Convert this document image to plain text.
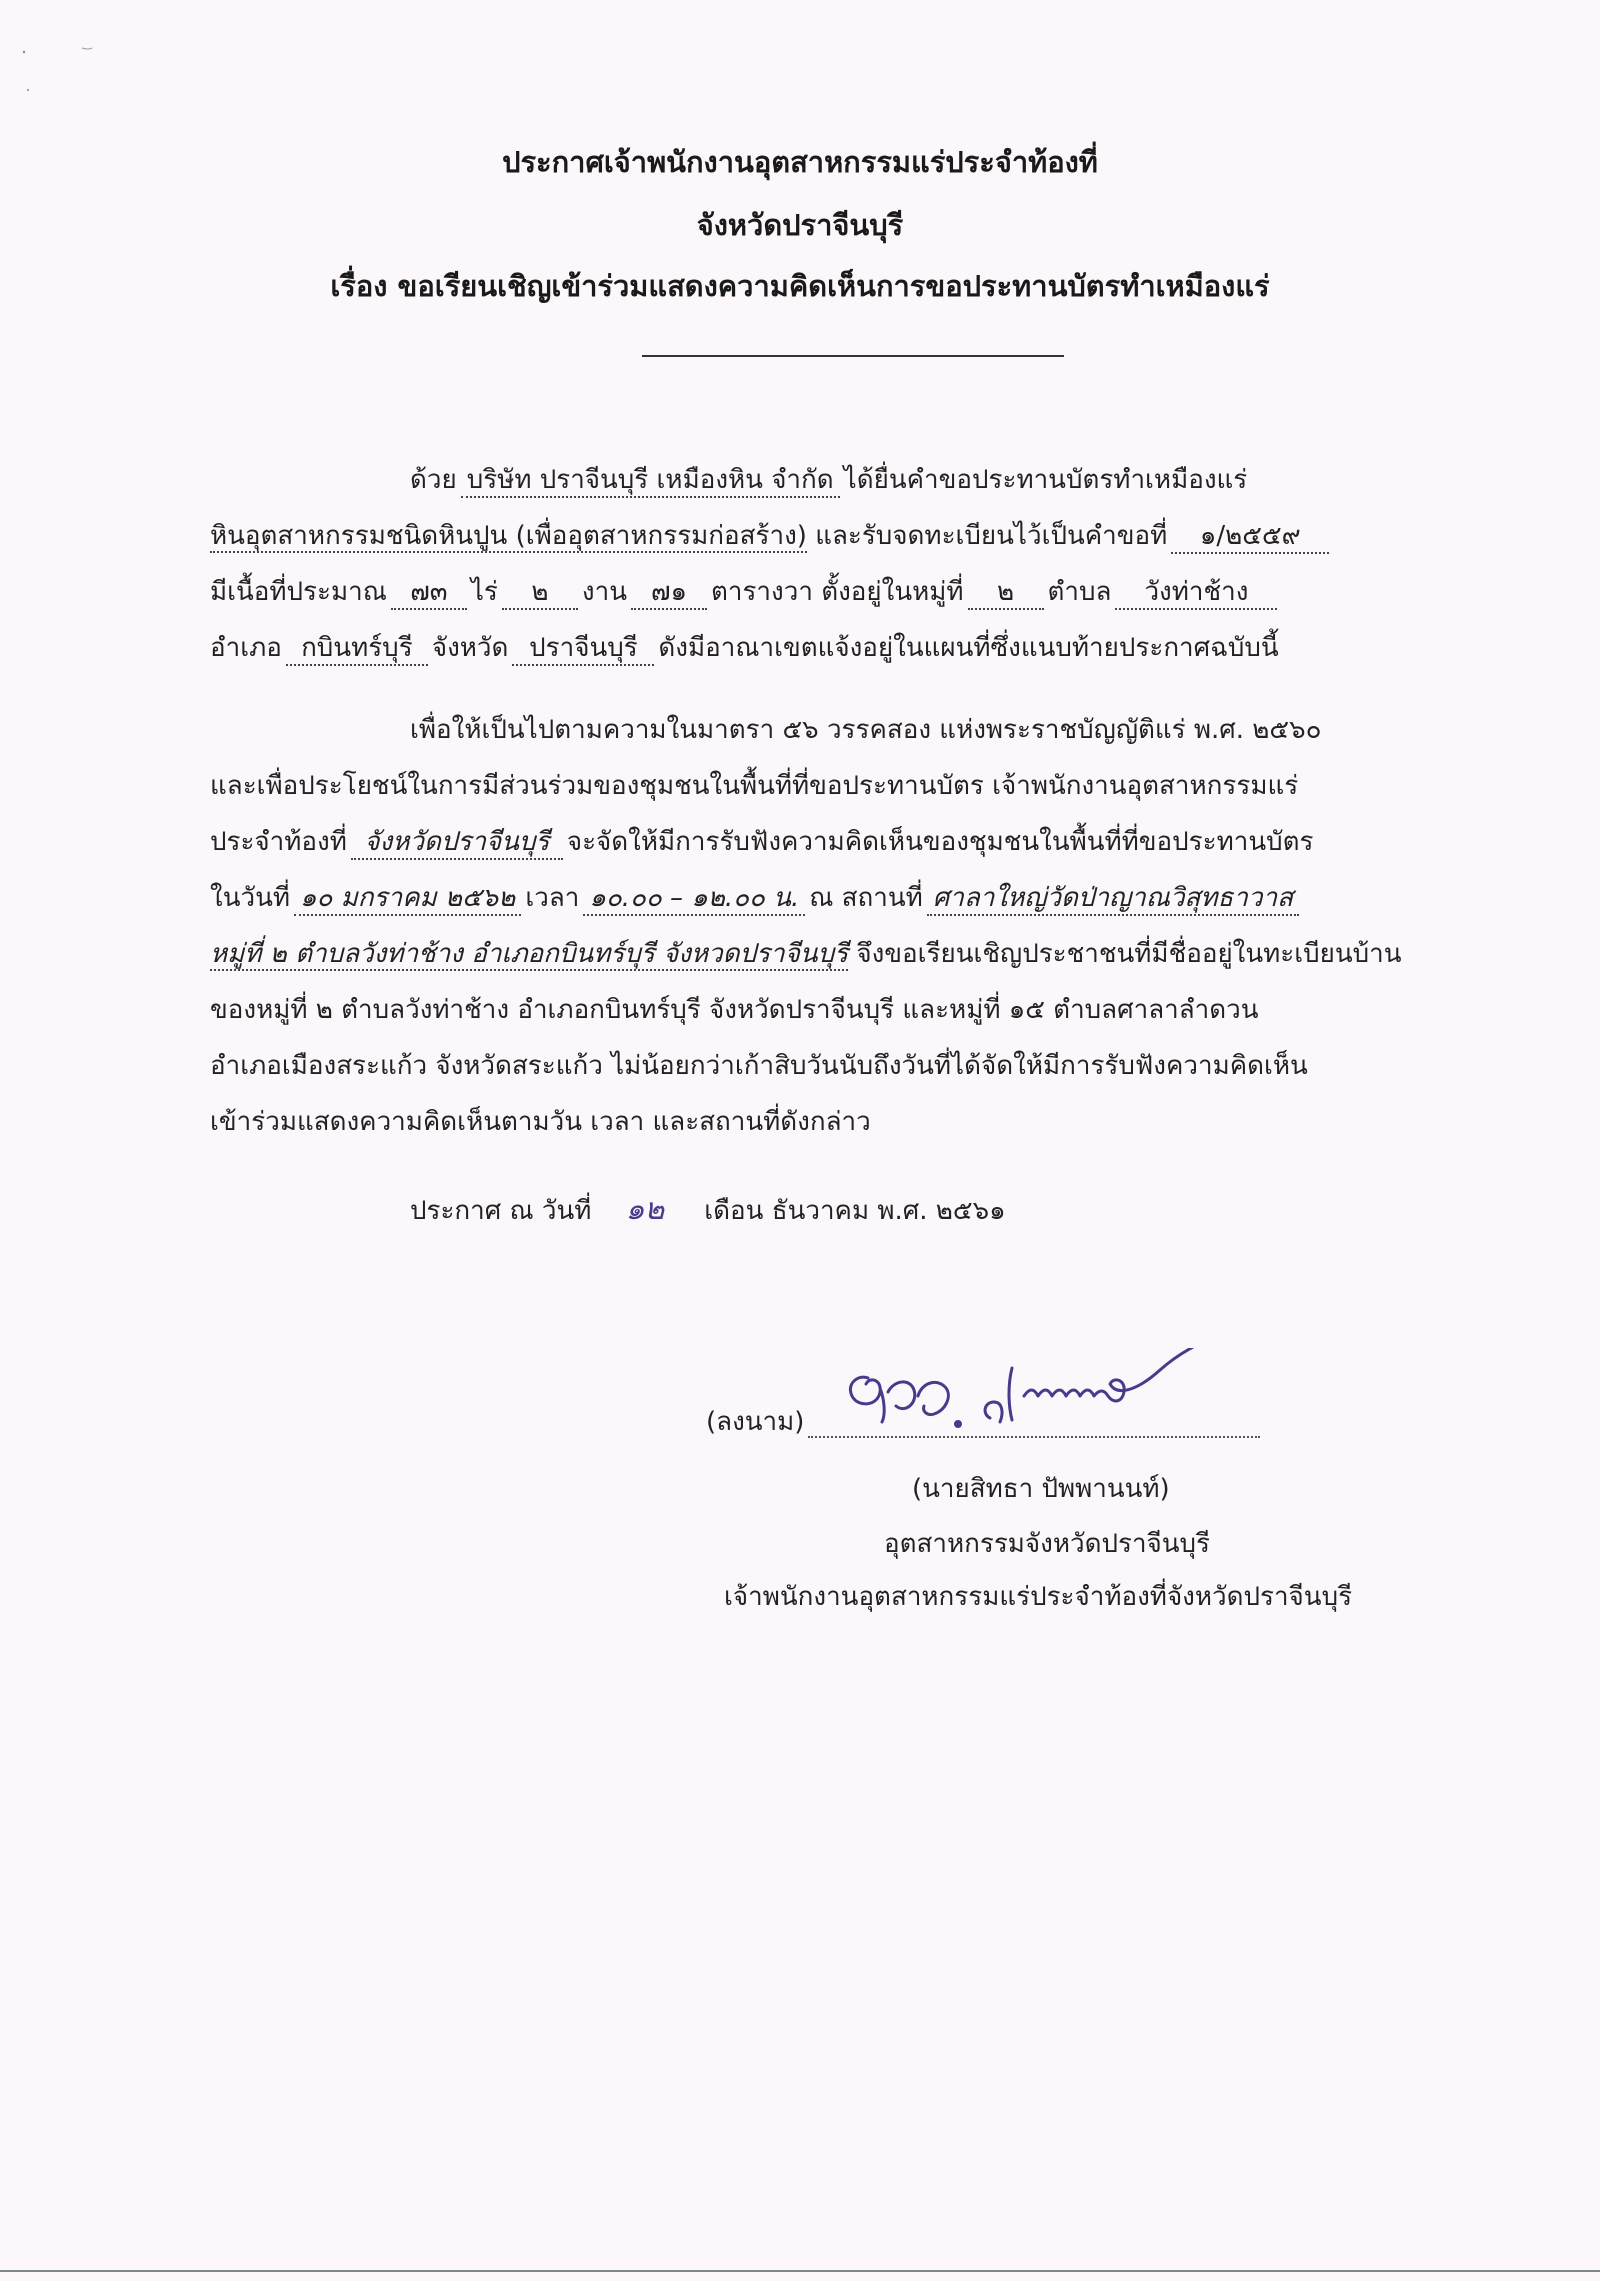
ประกาศเจ้าพนักงานอุตสาหกรรมแร่ประจำท้องที่
จังหวัดปราจีนบุรี
เรื่อง ขอเรียนเชิญเข้าร่วมแสดงความคิดเห็นการขอประทานบัตรทำเหมืองแร่
ด้วย บริษัท ปราจีนบุรี เหมืองหิน จำกัด ได้ยื่นคำขอประทานบัตรทำเหมืองแร่
หินอุตสาหกรรมชนิดหินปูน (เพื่ออุตสาหกรรมก่อสร้าง) และรับจดทะเบียนไว้เป็นคำขอที่ ๑/๒๕๕๙
มีเนื้อที่ประมาณ ๗๓ ไร่ ๒ งาน ๗๑ ตารางวา ตั้งอยู่ในหมู่ที่ ๒ ตำบล วังท่าช้าง
อำเภอ กบินทร์บุรี จังหวัด ปราจีนบุรี ดังมีอาณาเขตแจ้งอยู่ในแผนที่ซึ่งแนบท้ายประกาศฉบับนี้
เพื่อให้เป็นไปตามความในมาตรา ๕๖ วรรคสอง แห่งพระราชบัญญัติแร่ พ.ศ. ๒๕๖๐
และเพื่อประโยชน์ในการมีส่วนร่วมของชุมชนในพื้นที่ที่ขอประทานบัตร เจ้าพนักงานอุตสาหกรรมแร่
ประจำท้องที่ จังหวัดปราจีนบุรี จะจัดให้มีการรับฟังความคิดเห็นของชุมชนในพื้นที่ที่ขอประทานบัตร
ในวันที่ ๑๐ มกราคม ๒๕๖๒ เวลา ๑๐.๐๐ – ๑๒.๐๐ น. ณ สถานที่ ศาลาใหญ่วัดป่าญาณวิสุทธาวาส
หมู่ที่ ๒ ตำบลวังท่าช้าง อำเภอกบินทร์บุรี จังหวดปราจีนบุรี จึงขอเรียนเชิญประชาชนที่มีชื่ออยู่ในทะเบียนบ้าน
ของหมู่ที่ ๒ ตำบลวังท่าช้าง อำเภอกบินทร์บุรี จังหวัดปราจีนบุรี และหมู่ที่ ๑๕ ตำบลศาลาลำดวน
อำเภอเมืองสระแก้ว จังหวัดสระแก้ว ไม่น้อยกว่าเก้าสิบวันนับถึงวันที่ได้จัดให้มีการรับฟังความคิดเห็น
เข้าร่วมแสดงความคิดเห็นตามวัน เวลา และสถานที่ดังกล่าว
ประกาศ ณ วันที่ ๑๒ เดือน ธันวาคม พ.ศ. ๒๕๖๑
(ลงนาม)
(นายสิทธา ปัพพานนท์)
อุตสาหกรรมจังหวัดปราจีนบุรี
เจ้าพนักงานอุตสาหกรรมแร่ประจำท้องที่จังหวัดปราจีนบุรี
